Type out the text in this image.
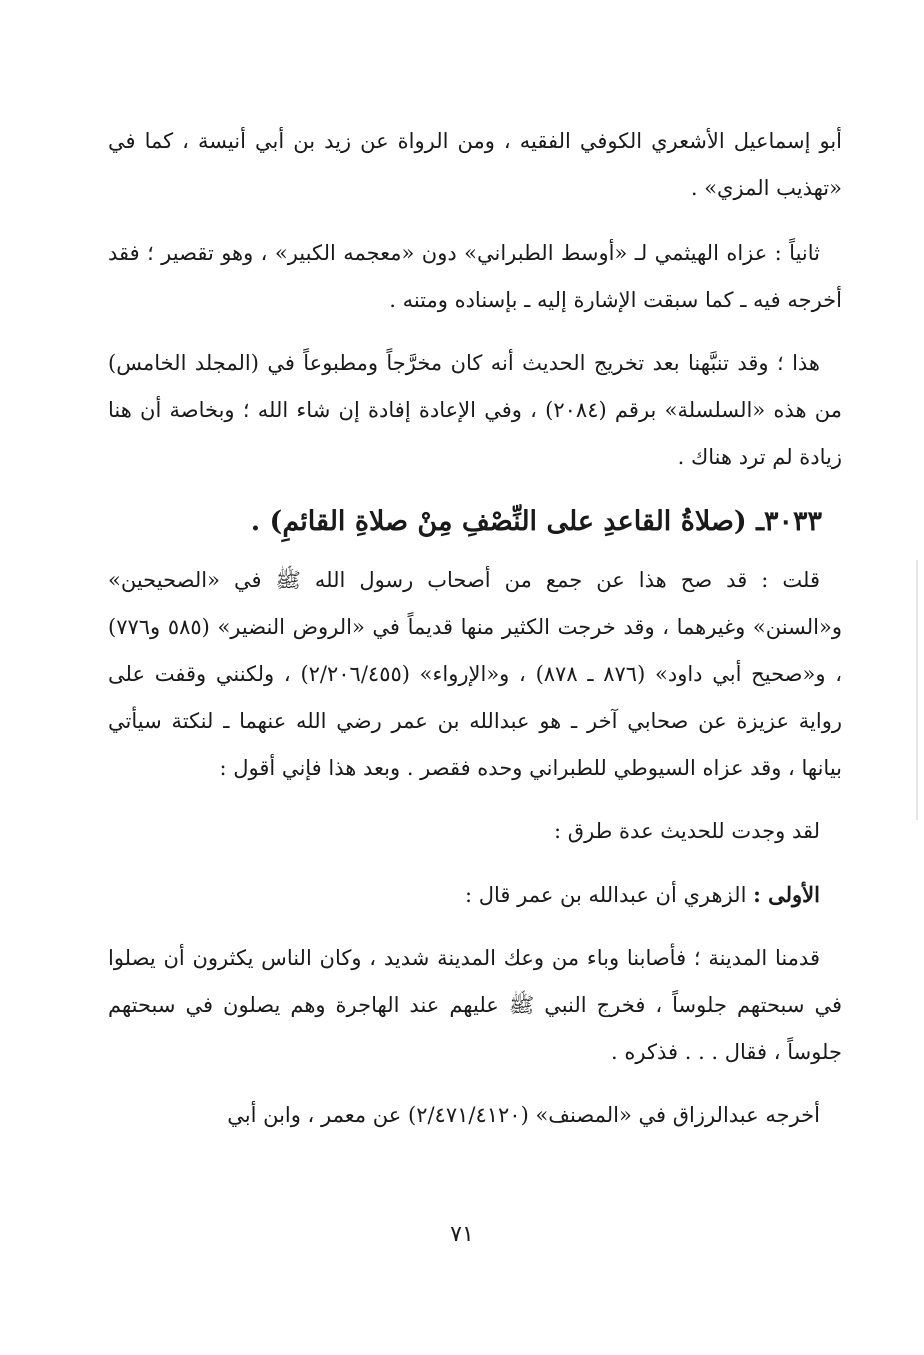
أبو إسماعيل الأشعري الكوفي الفقيه ، ومن الرواة عن زيد بن أبي أنيسة ، كما في «تهذيب المزي» .

ثانياً : عزاه الهيثمي لـ «أوسط الطبراني» دون «معجمه الكبير» ، وهو تقصير ؛ فقد أخرجه فيه ـ كما سبقت الإشارة إليه ـ بإسناده ومتنه .

هذا ؛ وقد تنبَّهنا بعد تخريج الحديث أنه كان مخرَّجاً ومطبوعاً في (المجلد الخامس) من هذه «السلسلة» برقم (٢٠٨٤) ، وفي الإعادة إفادة إن شاء الله ؛ وبخاصة أن هنا زيادة لم ترد هناك .

٣٠٣٣ـ (صلاةُ القاعدِ على النِّصْفِ مِنْ صلاةِ القائمِ) .

قلت : قد صح هذا عن جمع من أصحاب رسول الله ﷺ في «الصحيحين» و«السنن» وغيرهما ، وقد خرجت الكثير منها قديماً في «الروض النضير» (٥٨٥ و٧٧٦) ، و«صحيح أبي داود» (٨٧٦ ـ ٨٧٨) ، و«الإرواء» (٢/٢٠٦/٤٥٥) ، ولكنني وقفت على رواية عزيزة عن صحابي آخر ـ هو عبدالله بن عمر رضي الله عنهما ـ لنكتة سيأتي بيانها ، وقد عزاه السيوطي للطبراني وحده فقصر . وبعد هذا فإني أقول :

لقد وجدت للحديث عدة طرق :

الأولى : الزهري أن عبدالله بن عمر قال :

قدمنا المدينة ؛ فأصابنا وباء من وعك المدينة شديد ، وكان الناس يكثرون أن يصلوا في سبحتهم جلوساً ، فخرج النبي ﷺ عليهم عند الهاجرة وهم يصلون في سبحتهم جلوساً ، فقال . . . فذكره .

أخرجه عبدالرزاق في «المصنف» (٢/٤٧١/٤١٢٠) عن معمر ، وابن أبي

٧١
